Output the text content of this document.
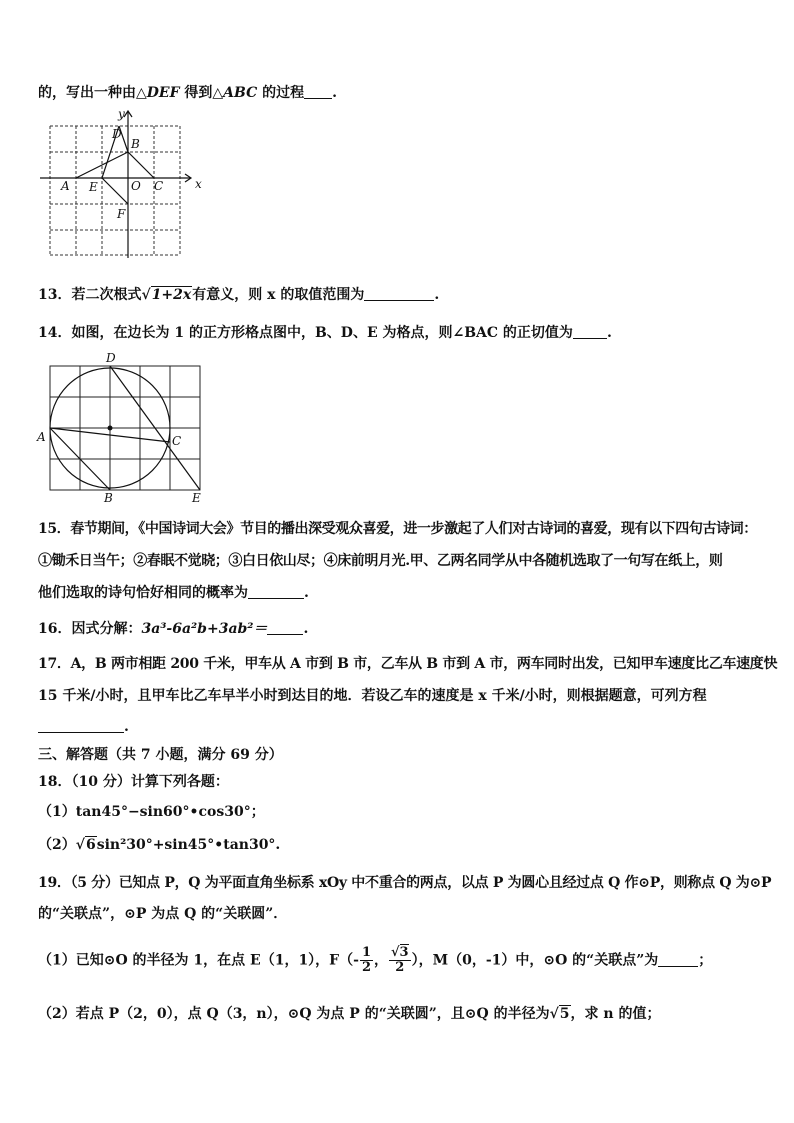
的，写出一种由△DEF 得到△ABC 的过程 .
x
y
D
B
A E	O C
F
13．若二次根式√1+2x有意义，则 x 的取值范围为	.
14．如图，在边长为 1 的正方形格点图中，B、D、E 为格点，则∠BAC 的正切值为 .
D
A	C
B	E
15．春节期间，《中国诗词大会》节目的播出深受观众喜爱，进一步激起了人们对古诗词的喜爱，现有以下四句古诗词：
①锄禾日当午；②春眠不觉晓；③白日依山尽；④床前明月光.甲、乙两名同学从中各随机选取了一句写在纸上，则
他们选取的诗句恰好相同的概率为	.
16．因式分解：3a³-6a²b+3ab²＝	.
17．A，B 两市相距 200 千米，甲车从 A 市到 B 市，乙车从 B 市到 A 市，两车同时出发，已知甲车速度比乙车速度快
15 千米/小时，且甲车比乙车早半小时到达目的地．若设乙车的速度是 x 千米/小时，则根据题意，可列方程
.
三、解答题（共 7 小题，满分 69 分）
18．（10 分）计算下列各题：
（1）tan45°−sin60°•cos30°；
（2）√6sin²30°+sin45°•tan30°.
19．（5 分）已知点 P，Q 为平面直角坐标系 xOy 中不重合的两点，以点 P 为圆心且经过点 Q 作⊙P，则称点 Q 为⊙P
的“关联点”，⊙P 为点 Q 的“关联圆”．
（1）已知⊙O 的半径为 1，在点 E（1，1），$F(- \frac{1}{2}$ ， $\frac{√3}{2}$ ），M（0，-1）中，⊙O 的“关联点”为	；
（2）若点 P（2，0），点 Q（3，n），⊙Q 为点 P 的“关联圆”，且⊙Q 的半径为√5，求 n 的值；
